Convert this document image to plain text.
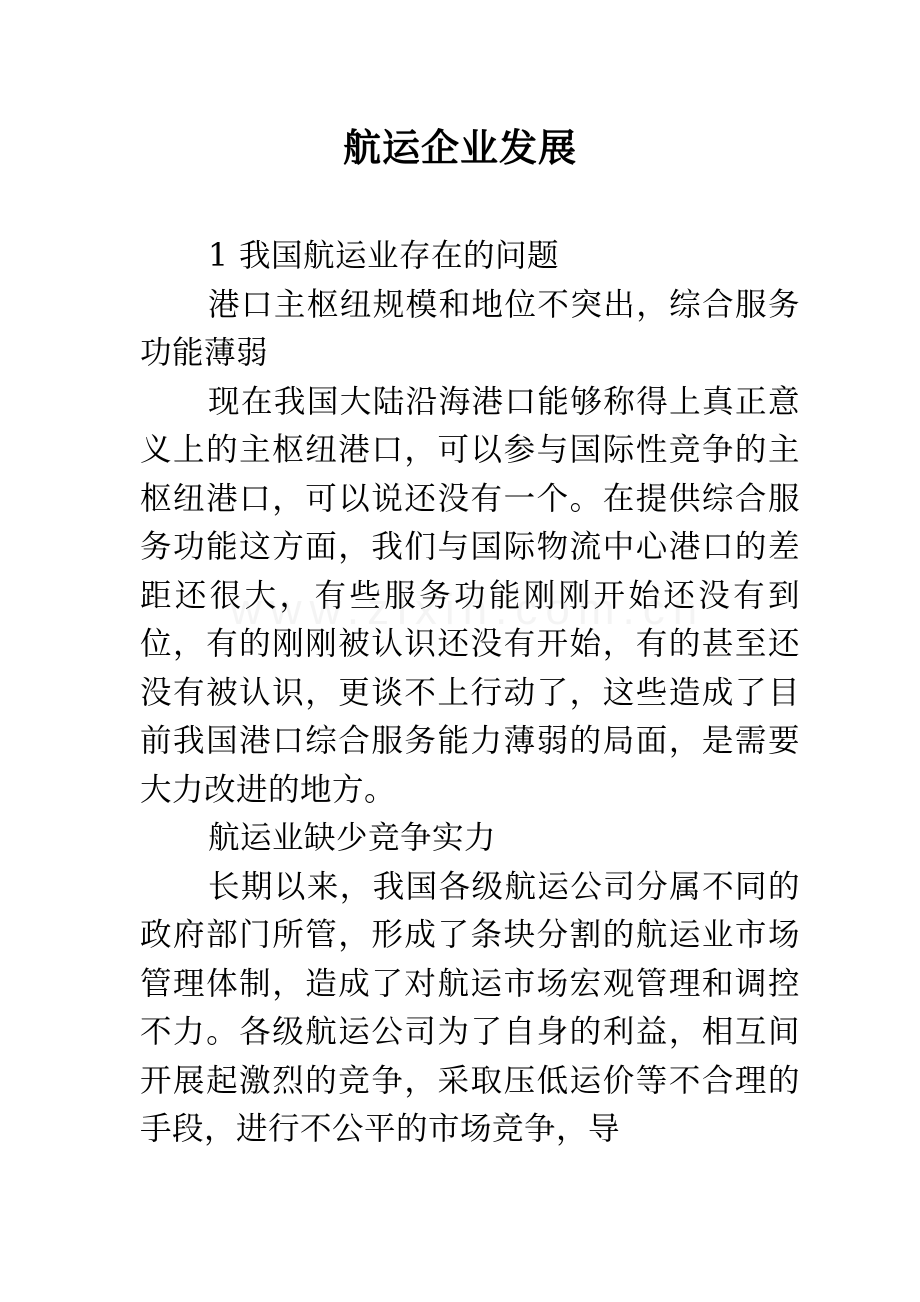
航运企业发展

1 我国航运业存在的问题

港口主枢纽规模和地位不突出，综合服务功能薄弱

现在我国大陆沿海港口能够称得上真正意义上的主枢纽港口，可以参与国际性竞争的主枢纽港口，可以说还没有一个。在提供综合服务功能这方面，我们与国际物流中心港口的差距还很大，有些服务功能刚刚开始还没有到位，有的刚刚被认识还没有开始，有的甚至还没有被认识，更谈不上行动了，这些造成了目前我国港口综合服务能力薄弱的局面，是需要大力改进的地方。

航运业缺少竞争实力

长期以来，我国各级航运公司分属不同的政府部门所管，形成了条块分割的航运业市场管理体制，造成了对航运市场宏观管理和调控不力。各级航运公司为了自身的利益，相互间开展起激烈的竞争，采取压低运价等不合理的手段，进行不公平的市场竞争，导
